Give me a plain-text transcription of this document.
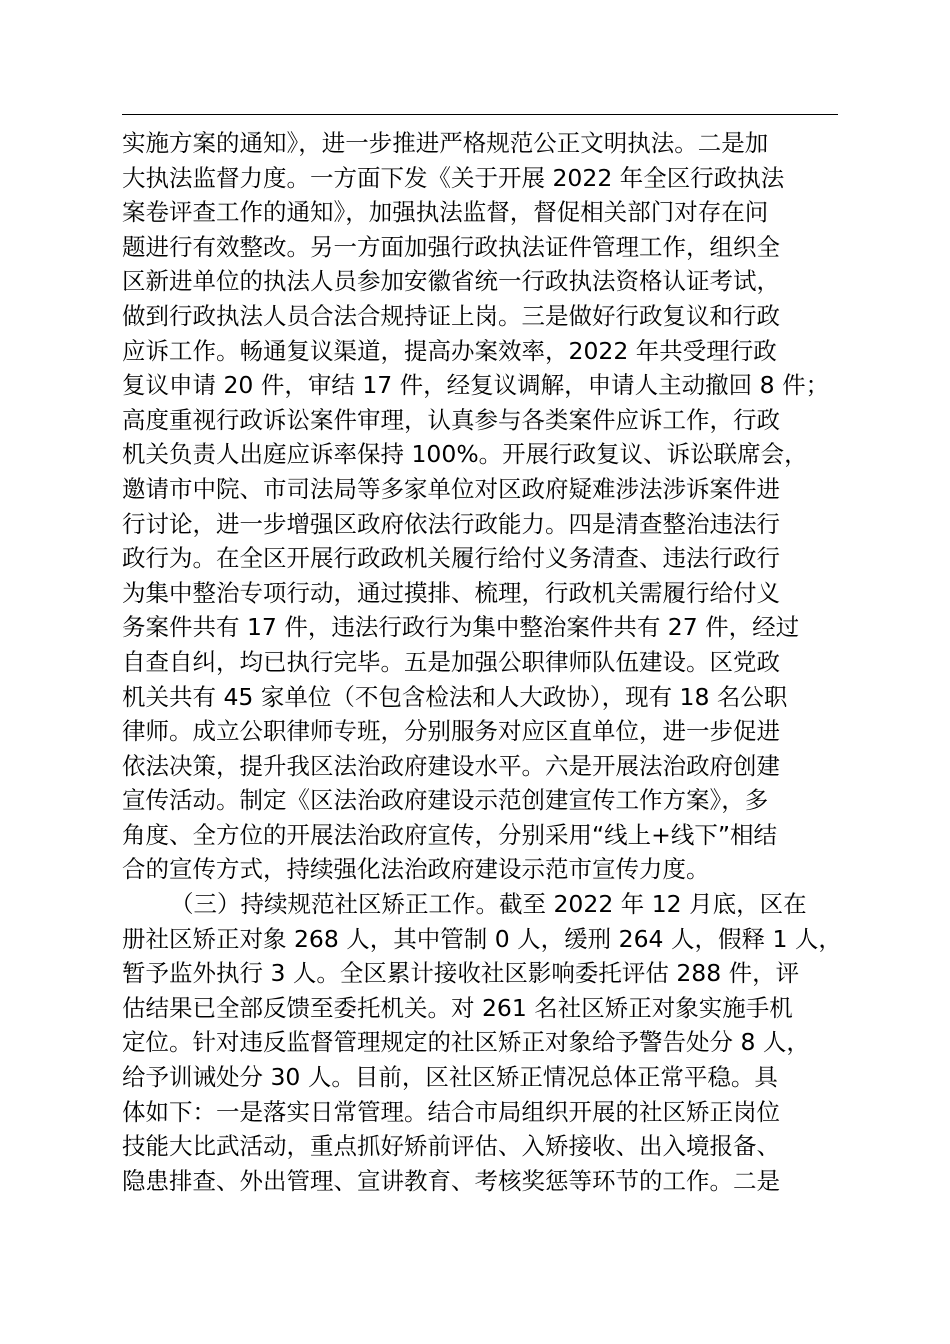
实施方案的通知》，进一步推进严格规范公正文明执法。二是加
大执法监督力度。一方面下发《关于开展 2022 年全区行政执法
案卷评查工作的通知》，加强执法监督，督促相关部门对存在问
题进行有效整改。另一方面加强行政执法证件管理工作，组织全
区新进单位的执法人员参加安徽省统一行政执法资格认证考试，
做到行政执法人员合法合规持证上岗。三是做好行政复议和行政
应诉工作。畅通复议渠道，提高办案效率，2022 年共受理行政
复议申请 20 件，审结 17 件，经复议调解，申请人主动撤回 8 件；
高度重视行政诉讼案件审理，认真参与各类案件应诉工作，行政
机关负责人出庭应诉率保持 100%。开展行政复议、诉讼联席会，
邀请市中院、市司法局等多家单位对区政府疑难涉法涉诉案件进
行讨论，进一步增强区政府依法行政能力。四是清查整治违法行
政行为。在全区开展行政政机关履行给付义务清查、违法行政行
为集中整治专项行动，通过摸排、梳理，行政机关需履行给付义
务案件共有 17 件，违法行政行为集中整治案件共有 27 件，经过
自查自纠，均已执行完毕。五是加强公职律师队伍建设。区党政
机关共有 45 家单位（不包含检法和人大政协），现有 18 名公职
律师。成立公职律师专班，分别服务对应区直单位，进一步促进
依法决策，提升我区法治政府建设水平。六是开展法治政府创建
宣传活动。制定《区法治政府建设示范创建宣传工作方案》，多
角度、全方位的开展法治政府宣传，分别采用“线上+线下”相结
合的宣传方式，持续强化法治政府建设示范市宣传力度。
（三）持续规范社区矫正工作。截至 2022 年 12 月底，区在
册社区矫正对象 268 人，其中管制 0 人，缓刑 264 人，假释 1 人，
暂予监外执行 3 人。全区累计接收社区影响委托评估 288 件，评
估结果已全部反馈至委托机关。对 261 名社区矫正对象实施手机
定位。针对违反监督管理规定的社区矫正对象给予警告处分 8 人，
给予训诫处分 30 人。目前，区社区矫正情况总体正常平稳。具
体如下：一是落实日常管理。结合市局组织开展的社区矫正岗位
技能大比武活动，重点抓好矫前评估、入矫接收、出入境报备、
隐患排查、外出管理、宣讲教育、考核奖惩等环节的工作。二是
